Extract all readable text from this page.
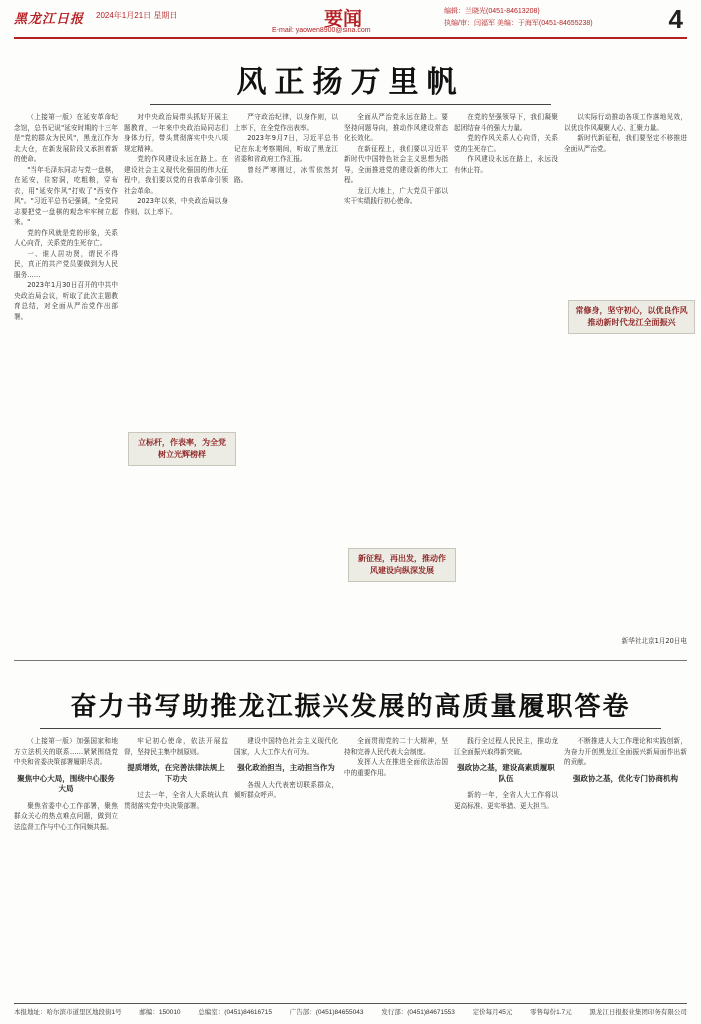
黑龙江日报 2024年1月21日 星期日	要闻
E-mail: yaowen8900@sina.com
编辑：兰晓光(0451-84613208)
执编/审：闫福军 美编：于海军(0451-84655238)	4
风正扬万里帆

（上接第一版）在延安革命纪念馆，总书记说"延安时期的十三年是"党的群众为民风"，黑龙江作为北大仓，在新发展阶段又承担着新的使命。

"当年毛泽东同志与党一盘棋，在延安，住窑洞，吃粗粮，穿布衣，用"延安作风"打败了"西安作风"。"习近平总书记强调，"全党同志要把党一盘棋的观念牢牢树立起来。"

党的作风就是党的形象，关系人心向背，关系党的生死存亡。

一、谁人居功贤，谓民不得民，真正的共产党员要做到为人民服务……

2023年1月30日召开的中共中央政治局会议，听取了此次主题教育总结，对全面从严治党作出部署。

对中央政治局带头抓好开展主题教育，一年来中央政治局同志们身体力行，带头贯彻落实中央八项规定精神。

党的作风建设永远在路上。在建设社会主义现代化强国的伟大征程中，我们要以党的自我革命引领社会革命。

2023年以来，中央政治局以身作则、以上率下。

立标杆，作表率，为全党树立光辉榜样

严守政治纪律，以身作则，以上率下，在全党作出表率。

2023年9月7日，习近平总书记在东北考察期间，听取了黑龙江省委和省政府工作汇报。

曾经严寒刚过，冰雪依然封路。

全面从严治党永远在路上。要坚持问题导向，推动作风建设常态化长效化。

在新征程上，我们要以习近平新时代中国特色社会主义思想为指导，全面推进党的建设新的伟大工程。

龙江大地上，广大党员干部以实干实绩践行初心使命。

新征程，再出发，推动作风建设向纵深发展

在党的坚强领导下，我们凝聚起团结奋斗的强大力量。

党的作风关系人心向背，关系党的生死存亡。

作风建设永远在路上，永远没有休止符。

以实际行动推动各项工作落地见效，以优良作风凝聚人心、汇聚力量。

新时代新征程，我们要坚定不移推进全面从严治党。

常修身，坚守初心，以优良作风推动新时代龙江全面振兴
新华社北京1月20日电
奋力书写助推龙江振兴发展的高质量履职答卷

（上接第一版）加强国家和地方立法机关的联系……紧紧围绕党中央和省委决策部署履职尽责。

聚焦中心大局，围绕中心服务大局

聚焦省委中心工作部署，聚焦群众关心的热点难点问题，做到立法监督工作与中心工作同频共振。

牢记初心使命，依法开展监督，坚持民主集中制原则。

提质增效，在完善法律法规上下功夫

过去一年，全省人大系统认真贯彻落实党中央决策部署。

建设中国特色社会主义现代化国家，人大工作大有可为。

强化政治担当，主动担当作为

各级人大代表密切联系群众，倾听群众呼声。

全面贯彻党的二十大精神，坚持和完善人民代表大会制度。

发挥人大在推进全面依法治国中的重要作用。

践行全过程人民民主，推动龙江全面振兴取得新突破。

强政协之基，建设高素质履职队伍

新的一年，全省人大工作将以更高标准、更实举措、更大担当。

不断推进人大工作理论和实践创新，为奋力开创黑龙江全面振兴新局面作出新的贡献。

强政协之基，优化专门协商机构

本报地址：哈尔滨市道里区地段街1号	邮编：150010	总编室：(0451)84616715	广告部：(0451)84655043	发行部：(0451)84671553	定价每月45元	零售每份1.7元	黑龙江日报报业集团印务有限公司
